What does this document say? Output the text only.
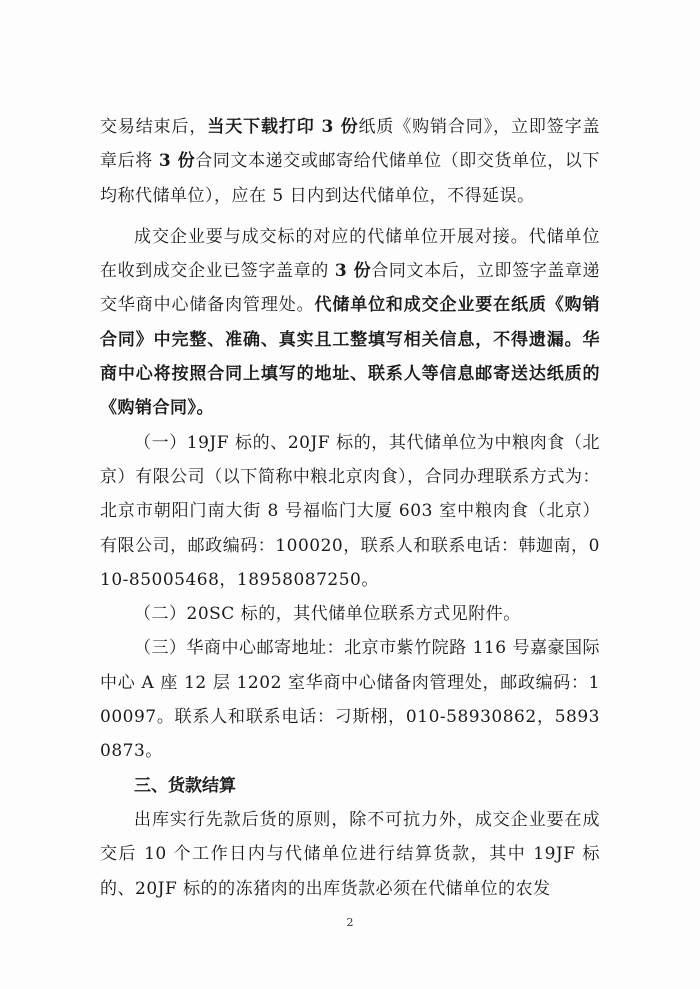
交易结束后，当天下载打印 3 份纸质《购销合同》，立即签字盖章后将 3 份合同文本递交或邮寄给代储单位（即交货单位，以下均称代储单位），应在 5 日内到达代储单位，不得延误。

成交企业要与成交标的对应的代储单位开展对接。代储单位在收到成交企业已签字盖章的 3 份合同文本后，立即签字盖章递交华商中心储备肉管理处。代储单位和成交企业要在纸质《购销合同》中完整、准确、真实且工整填写相关信息，不得遗漏。华商中心将按照合同上填写的地址、联系人等信息邮寄送达纸质的《购销合同》。

（一）19JF 标的、20JF 标的，其代储单位为中粮肉食（北京）有限公司（以下简称中粮北京肉食），合同办理联系方式为：北京市朝阳门南大街 8 号福临门大厦 603 室中粮肉食（北京）有限公司，邮政编码：100020，联系人和联系电话：韩迦南，010-85005468，18958087250。

（二）20SC 标的，其代储单位联系方式见附件。

（三）华商中心邮寄地址：北京市紫竹院路 116 号嘉豪国际中心 A 座 12 层 1202 室华商中心储备肉管理处，邮政编码：100097。联系人和联系电话：刁斯栩，010-58930862，58930873。

三、货款结算

出库实行先款后货的原则，除不可抗力外，成交企业要在成交后 10 个工作日内与代储单位进行结算货款，其中 19JF 标的、20JF 标的的冻猪肉的出库货款必须在代储单位的农发

2
